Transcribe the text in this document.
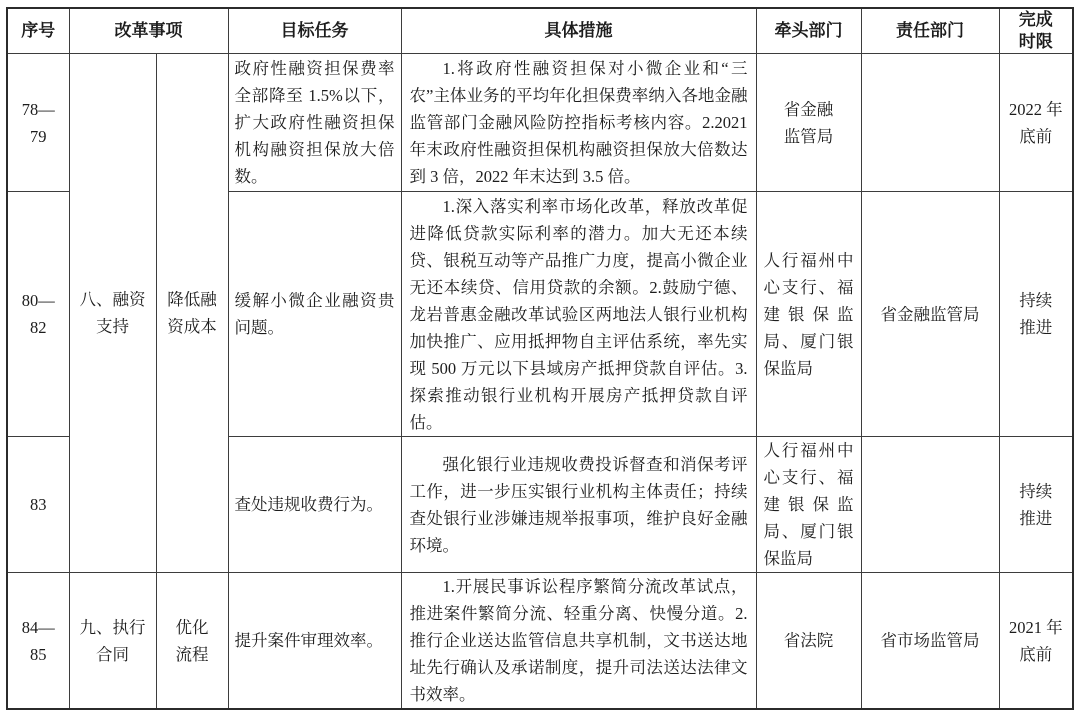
序号	改革事项		目标任务	具体措施	牵头部门	责任部门	完成时限
78—79	八、融资支持	降低融资成本	政府性融资担保费率全部降至 1.5%以下，扩大政府性融资担保机构融资担保放大倍数。	1.将政府性融资担保对小微企业和“三农”主体业务的平均年化担保费率纳入各地金融监管部门金融风险防控指标考核内容。2.2021 年末政府性融资担保机构融资担保放大倍数达到 3 倍，2022 年末达到 3.5 倍。	省金融监管局		2022 年底前
80—82			缓解小微企业融资贵问题。	1.深入落实利率市场化改革，释放改革促进降低贷款实际利率的潜力。加大无还本续贷、银税互动等产品推广力度，提高小微企业无还本续贷、信用贷款的余额。2.鼓励宁德、龙岩普惠金融改革试验区两地法人银行业机构加快推广、应用抵押物自主评估系统，率先实现 500 万元以下县域房产抵押贷款自评估。3.探索推动银行业机构开展房产抵押贷款自评估。	人行福州中心支行、福建银保监局、厦门银保监局	省金融监管局	持续推进
83			查处违规收费行为。	强化银行业违规收费投诉督查和消保考评工作，进一步压实银行业机构主体责任；持续查处银行业涉嫌违规举报事项，维护良好金融环境。	人行福州中心支行、福建银保监局、厦门银保监局		持续推进
84—85	九、执行合同	优化流程	提升案件审理效率。	1.开展民事诉讼程序繁简分流改革试点，推进案件繁简分流、轻重分离、快慢分道。2.推行企业送达监管信息共享机制，文书送达地址先行确认及承诺制度，提升司法送达法律文书效率。	省法院	省市场监管局	2021 年底前
